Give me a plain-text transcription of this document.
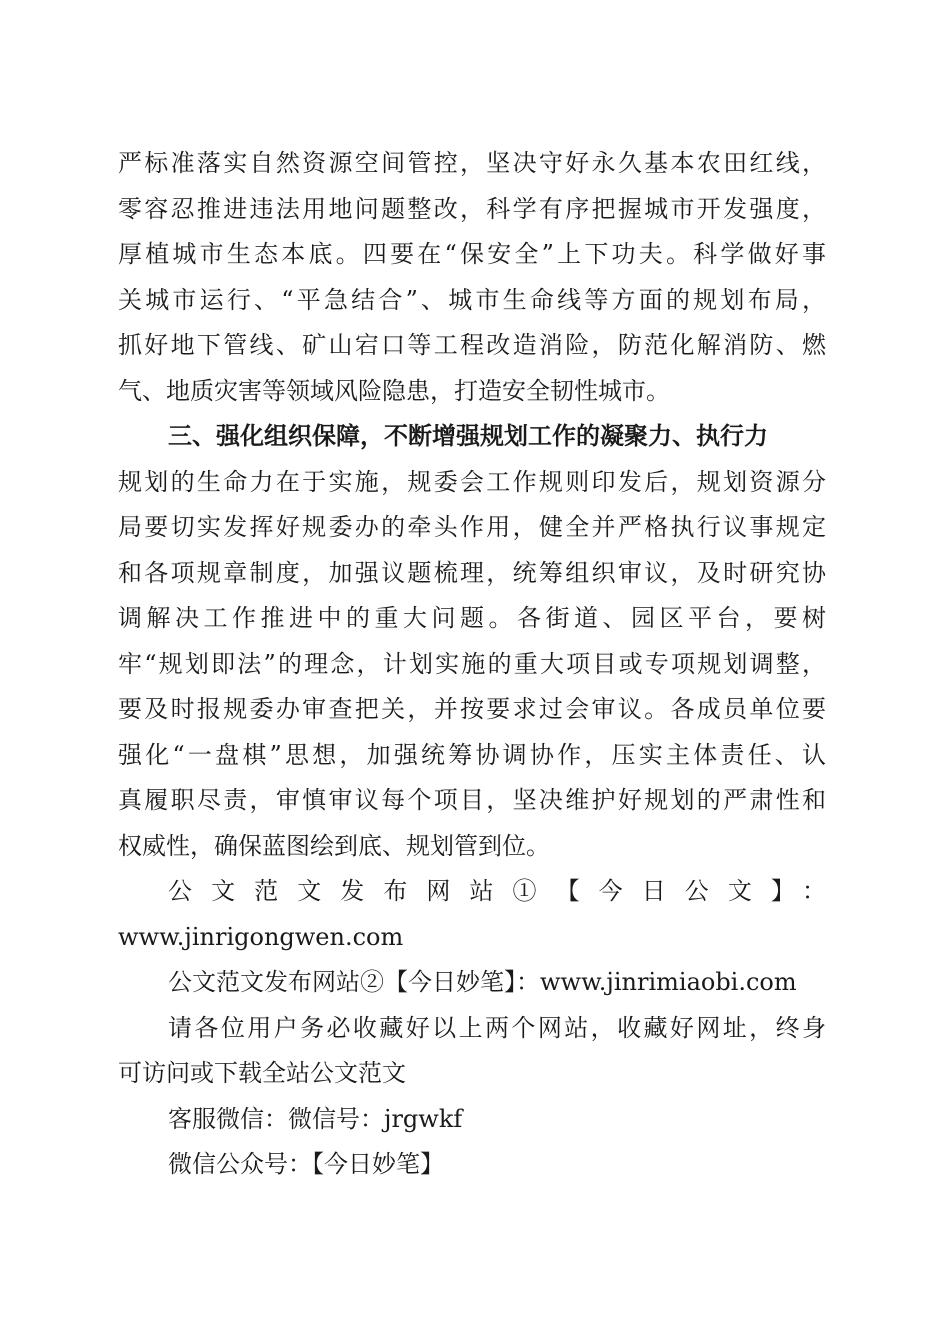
严标准落实自然资源空间管控，坚决守好永久基本农田红线，
零容忍推进违法用地问题整改，科学有序把握城市开发强度，
厚植城市生态本底。四要在“保安全”上下功夫。科学做好事
关城市运行、“平急结合”、城市生命线等方面的规划布局，
抓好地下管线、矿山宕口等工程改造消险，防范化解消防、燃
气、地质灾害等领域风险隐患，打造安全韧性城市。
三、强化组织保障，不断增强规划工作的凝聚力、执行力
规划的生命力在于实施，规委会工作规则印发后，规划资源分
局要切实发挥好规委办的牵头作用，健全并严格执行议事规定
和各项规章制度，加强议题梳理，统筹组织审议，及时研究协
调解决工作推进中的重大问题。各街道、园区平台，要树
牢“规划即法”的理念，计划实施的重大项目或专项规划调整，
要及时报规委办审查把关，并按要求过会审议。各成员单位要
强化“一盘棋”思想，加强统筹协调协作，压实主体责任、认
真履职尽责，审慎审议每个项目，坚决维护好规划的严肃性和
权威性，确保蓝图绘到底、规划管到位。
公文范文发布网站①【今日公文】：
www.jinrigongwen.com
公文范文发布网站②【今日妙笔】：www.jinrimiaobi.com
请各位用户务必收藏好以上两个网站，收藏好网址，终身
可访问或下载全站公文范文
客服微信：微信号：jrgwkf
微信公众号：【今日妙笔】
